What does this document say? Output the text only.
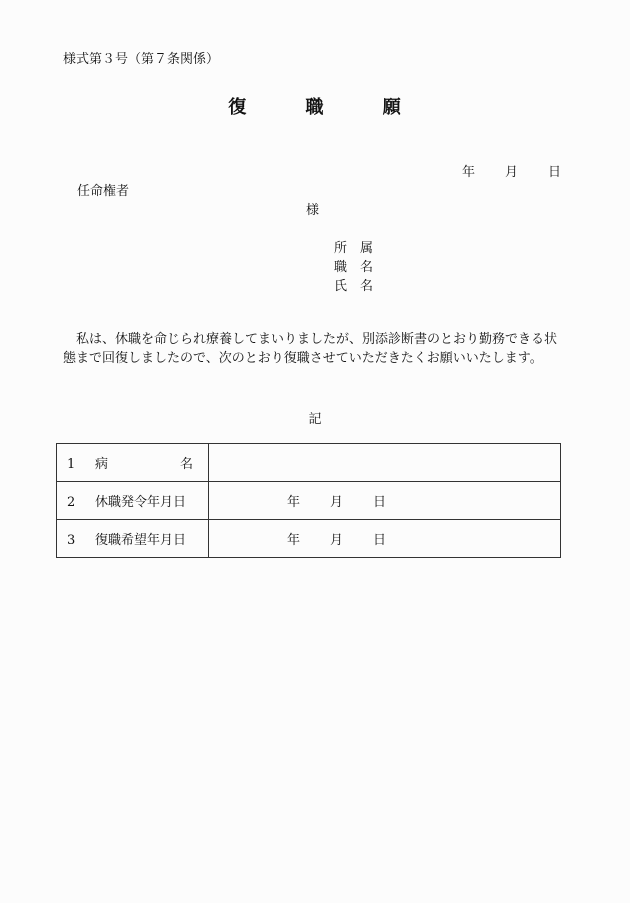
様式第３号（第７条関係）
復	職	願
年 月 日
任命権者
様
所　属
職　名
氏　名
私は、休職を命じられ療養してまいりましたが、別添診断書のとおり勤務できる状態まで回復しましたので、次のとおり復職させていただきたくお願いいたします。
記
1 病　　　　名	
2 休職発令年月日	年 月 日
3 復職希望年月日	年 月 日
